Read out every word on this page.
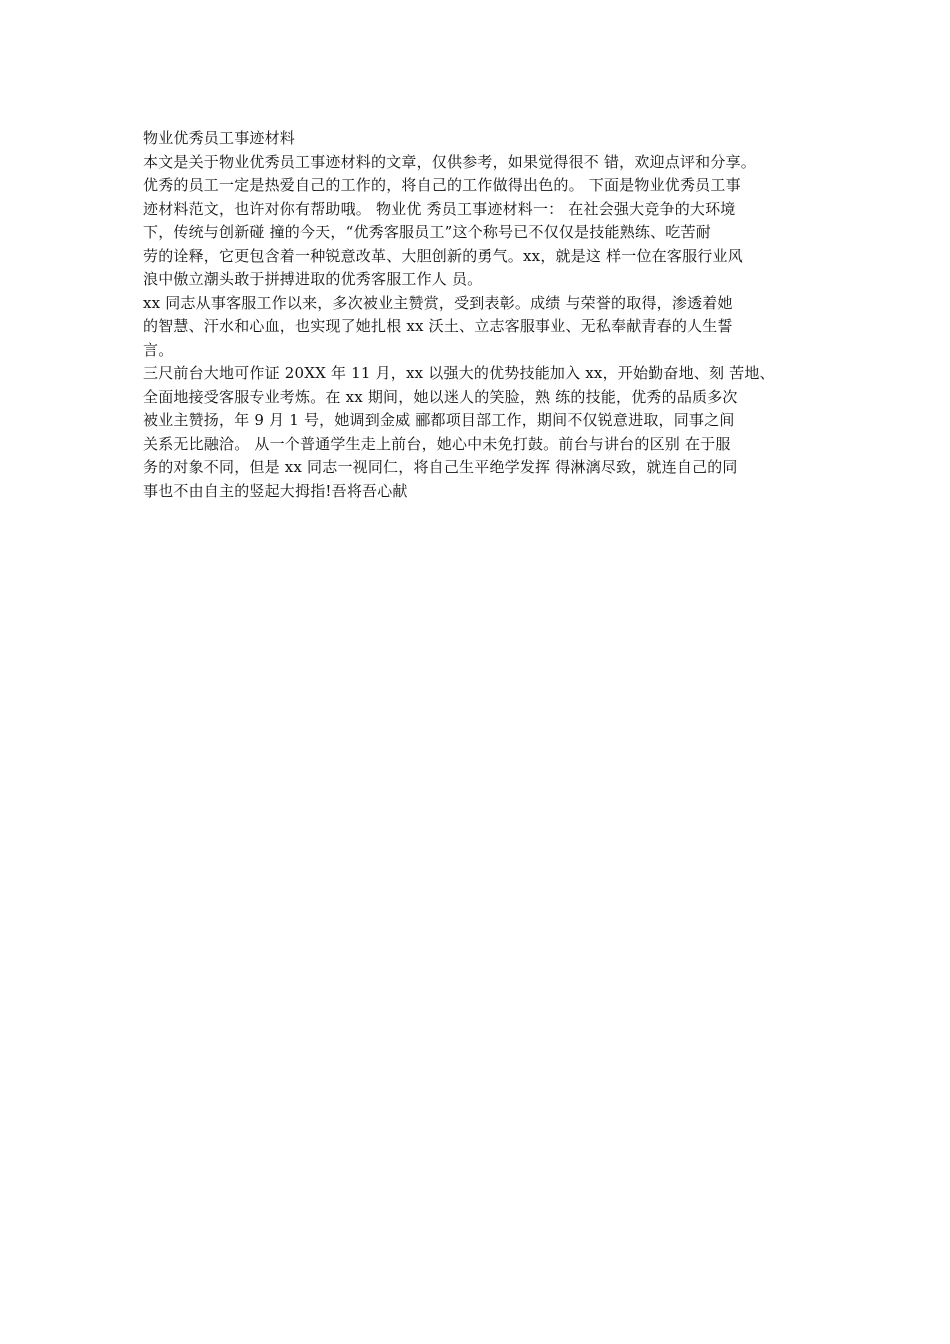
物业优秀员工事迹材料
本文是关于物业优秀员工事迹材料的文章，仅供参考，如果觉得很不 错，欢迎点评和分享。
优秀的员工一定是热爱自己的工作的，将自己的工作做得出色的。 下面是物业优秀员工事
迹材料范文，也许对你有帮助哦。 物业优 秀员工事迹材料一： 在社会强大竞争的大环境
下，传统与创新碰 撞的今天，“优秀客服员工”这个称号已不仅仅是技能熟练、吃苦耐
劳的诠释，它更包含着一种锐意改革、大胆创新的勇气。xx，就是这 样一位在客服行业风
浪中傲立潮头敢于拼搏进取的优秀客服工作人 员。
xx 同志从事客服工作以来，多次被业主赞赏，受到表彰。成绩 与荣誉的取得，渗透着她
的智慧、汗水和心血，也实现了她扎根 xx 沃土、立志客服事业、无私奉献青春的人生誓
言。
三尺前台大地可作证 20XX 年 11 月，xx 以强大的优势技能加入 xx，开始勤奋地、刻 苦地、
全面地接受客服专业考炼。在 xx 期间，她以迷人的笑脸，熟 练的技能，优秀的品质多次
被业主赞扬，年 9 月 1 号，她调到金威 郦都项目部工作，期间不仅锐意进取，同事之间
关系无比融洽。 从一个普通学生走上前台，她心中未免打鼓。前台与讲台的区别 在于服
务的对象不同，但是 xx 同志一视同仁，将自己生平绝学发挥 得淋漓尽致，就连自己的同
事也不由自主的竖起大拇指!吾将吾心献
